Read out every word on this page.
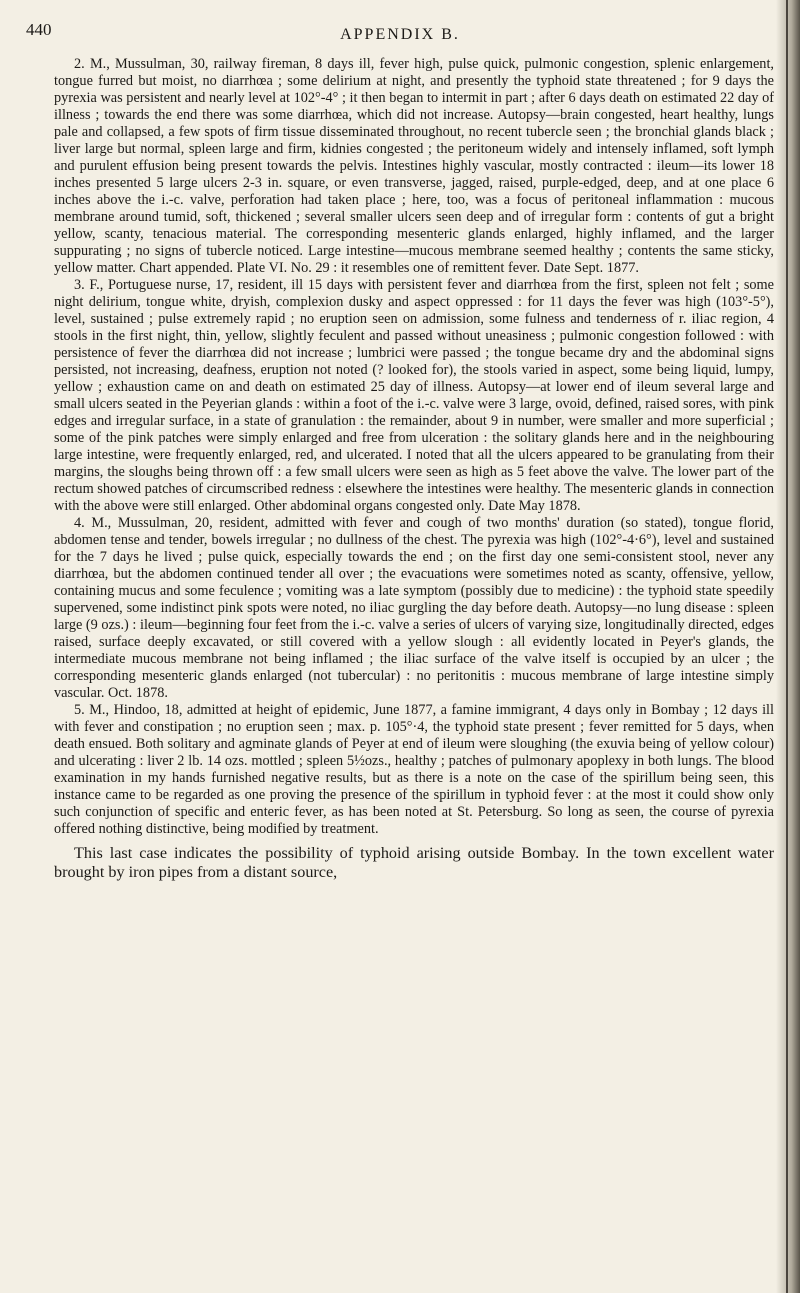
440	APPENDIX B.

2. M., Mussulman, 30, railway fireman, 8 days ill, fever high, pulse quick, pulmonic congestion, splenic enlargement, tongue furred but moist, no diarrhœa ; some delirium at night, and presently the typhoid state threatened ; for 9 days the pyrexia was persistent and nearly level at 102°-4° ; it then began to intermit in part ; after 6 days death on estimated 22 day of illness ; towards the end there was some diarrhœa, which did not increase. Autopsy—brain congested, heart healthy, lungs pale and collapsed, a few spots of firm tissue disseminated throughout, no recent tubercle seen ; the bronchial glands black ; liver large but normal, spleen large and firm, kidnies congested ; the peritoneum widely and intensely inflamed, soft lymph and purulent effusion being present towards the pelvis. Intestines highly vascular, mostly contracted : ileum—its lower 18 inches presented 5 large ulcers 2-3 in. square, or even transverse, jagged, raised, purple-edged, deep, and at one place 6 inches above the i.-c. valve, perforation had taken place ; here, too, was a focus of peritoneal inflammation : mucous membrane around tumid, soft, thickened ; several smaller ulcers seen deep and of irregular form : contents of gut a bright yellow, scanty, tenacious material. The corresponding mesenteric glands enlarged, highly inflamed, and the larger suppurating ; no signs of tubercle noticed. Large intestine—mucous membrane seemed healthy ; contents the same sticky, yellow matter. Chart appended. Plate VI. No. 29 : it resembles one of remittent fever. Date Sept. 1877.

3. F., Portuguese nurse, 17, resident, ill 15 days with persistent fever and diarrhœa from the first, spleen not felt ; some night delirium, tongue white, dryish, complexion dusky and aspect oppressed : for 11 days the fever was high (103°-5°), level, sustained ; pulse extremely rapid ; no eruption seen on admission, some fulness and tenderness of r. iliac region, 4 stools in the first night, thin, yellow, slightly feculent and passed without uneasiness ; pulmonic congestion followed : with persistence of fever the diarrhœa did not increase ; lumbrici were passed ; the tongue became dry and the abdominal signs persisted, not increasing, deafness, eruption not noted (? looked for), the stools varied in aspect, some being liquid, lumpy, yellow ; exhaustion came on and death on estimated 25 day of illness. Autopsy—at lower end of ileum several large and small ulcers seated in the Peyerian glands : within a foot of the i.-c. valve were 3 large, ovoid, defined, raised sores, with pink edges and irregular surface, in a state of granulation : the remainder, about 9 in number, were smaller and more superficial ; some of the pink patches were simply enlarged and free from ulceration : the solitary glands here and in the neighbouring large intestine, were frequently enlarged, red, and ulcerated. I noted that all the ulcers appeared to be granulating from their margins, the sloughs being thrown off : a few small ulcers were seen as high as 5 feet above the valve. The lower part of the rectum showed patches of circumscribed redness : elsewhere the intestines were healthy. The mesenteric glands in connection with the above were still enlarged. Other abdominal organs congested only. Date May 1878.

4. M., Mussulman, 20, resident, admitted with fever and cough of two months' duration (so stated), tongue florid, abdomen tense and tender, bowels irregular ; no dullness of the chest. The pyrexia was high (102°-4·6°), level and sustained for the 7 days he lived ; pulse quick, especially towards the end ; on the first day one semi-consistent stool, never any diarrhœa, but the abdomen continued tender all over ; the evacuations were sometimes noted as scanty, offensive, yellow, containing mucus and some feculence ; vomiting was a late symptom (possibly due to medicine) : the typhoid state speedily supervened, some indistinct pink spots were noted, no iliac gurgling the day before death. Autopsy—no lung disease : spleen large (9 ozs.) : ileum—beginning four feet from the i.-c. valve a series of ulcers of varying size, longitudinally directed, edges raised, surface deeply excavated, or still covered with a yellow slough : all evidently located in Peyer's glands, the intermediate mucous membrane not being inflamed ; the iliac surface of the valve itself is occupied by an ulcer ; the corresponding mesenteric glands enlarged (not tubercular) : no peritonitis : mucous membrane of large intestine simply vascular. Oct. 1878.

5. M., Hindoo, 18, admitted at height of epidemic, June 1877, a famine immigrant, 4 days only in Bombay ; 12 days ill with fever and constipation ; no eruption seen ; max. p. 105°·4, the typhoid state present ; fever remitted for 5 days, when death ensued. Both solitary and agminate glands of Peyer at end of ileum were sloughing (the exuvia being of yellow colour) and ulcerating : liver 2 lb. 14 ozs. mottled ; spleen 5½ozs., healthy ; patches of pulmonary apoplexy in both lungs. The blood examination in my hands furnished negative results, but as there is a note on the case of the spirillum being seen, this instance came to be regarded as one proving the presence of the spirillum in typhoid fever : at the most it could show only such conjunction of specific and enteric fever, as has been noted at St. Petersburg. So long as seen, the course of pyrexia offered nothing distinctive, being modified by treatment.

This last case indicates the possibility of typhoid arising outside Bombay. In the town excellent water brought by iron pipes from a distant source,
